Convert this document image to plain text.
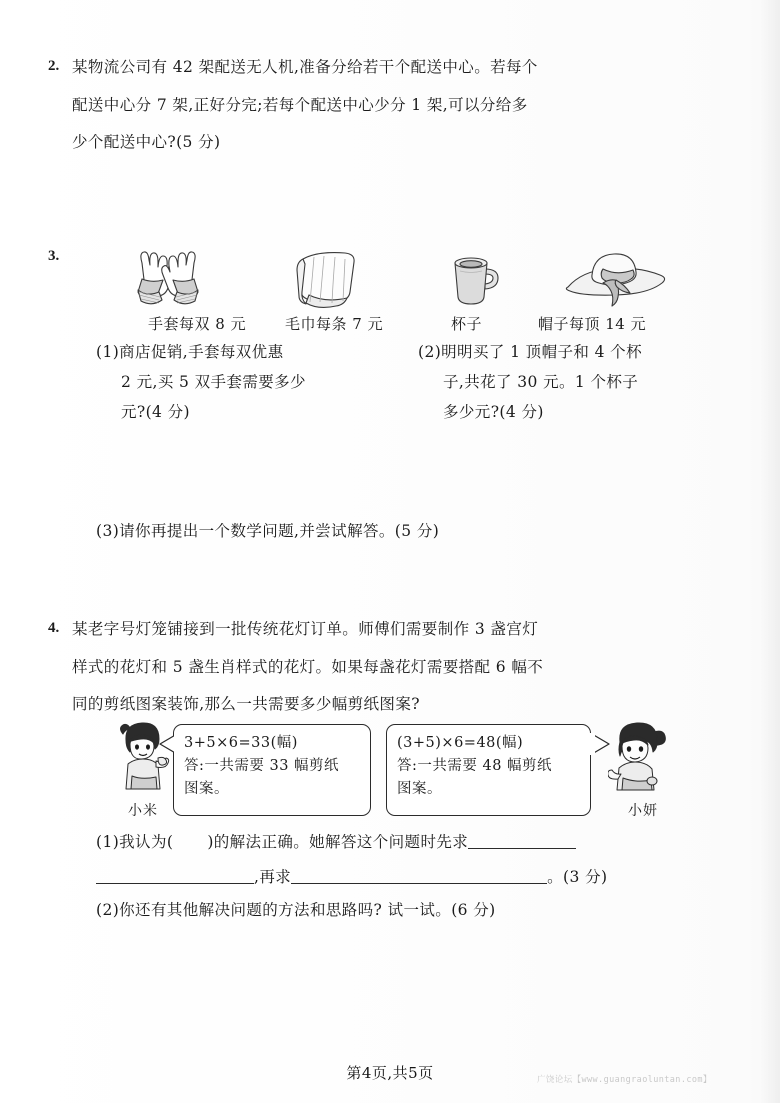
2. 某物流公司有 42 架配送无人机,准备分给若干个配送中心。若每个
配送中心分 7 架,正好分完;若每个配送中心少分 1 架,可以分给多
少个配送中心?(5 分)
3.
手套每双 8 元	毛巾每条 7 元	杯子	帽子每顶 14 元
(1)商店促销,手套每双优惠
2 元,买 5 双手套需要多少
元?(4 分)
(2)明明买了 1 顶帽子和 4 个杯
子,共花了 30 元。1 个杯子
多少元?(4 分)
(3)请你再提出一个数学问题,并尝试解答。(5 分)
4. 某老字号灯笼铺接到一批传统花灯订单。师傅们需要制作 3 盏宫灯
样式的花灯和 5 盏生肖样式的花灯。如果每盏花灯需要搭配 6 幅不
同的剪纸图案装饰,那么一共需要多少幅剪纸图案?
小米
3+5×6=33(幅)
答:一共需要 33 幅剪纸
图案。
(3+5)×6=48(幅)
答:一共需要 48 幅剪纸
图案。
小妍
(1)我认为( )的解法正确。她解答这个问题时先求
,再求	。(3 分)
(2)你还有其他解决问题的方法和思路吗? 试一试。(6 分)
第4页,共5页	广饶论坛【www.guangraoluntan.com】
